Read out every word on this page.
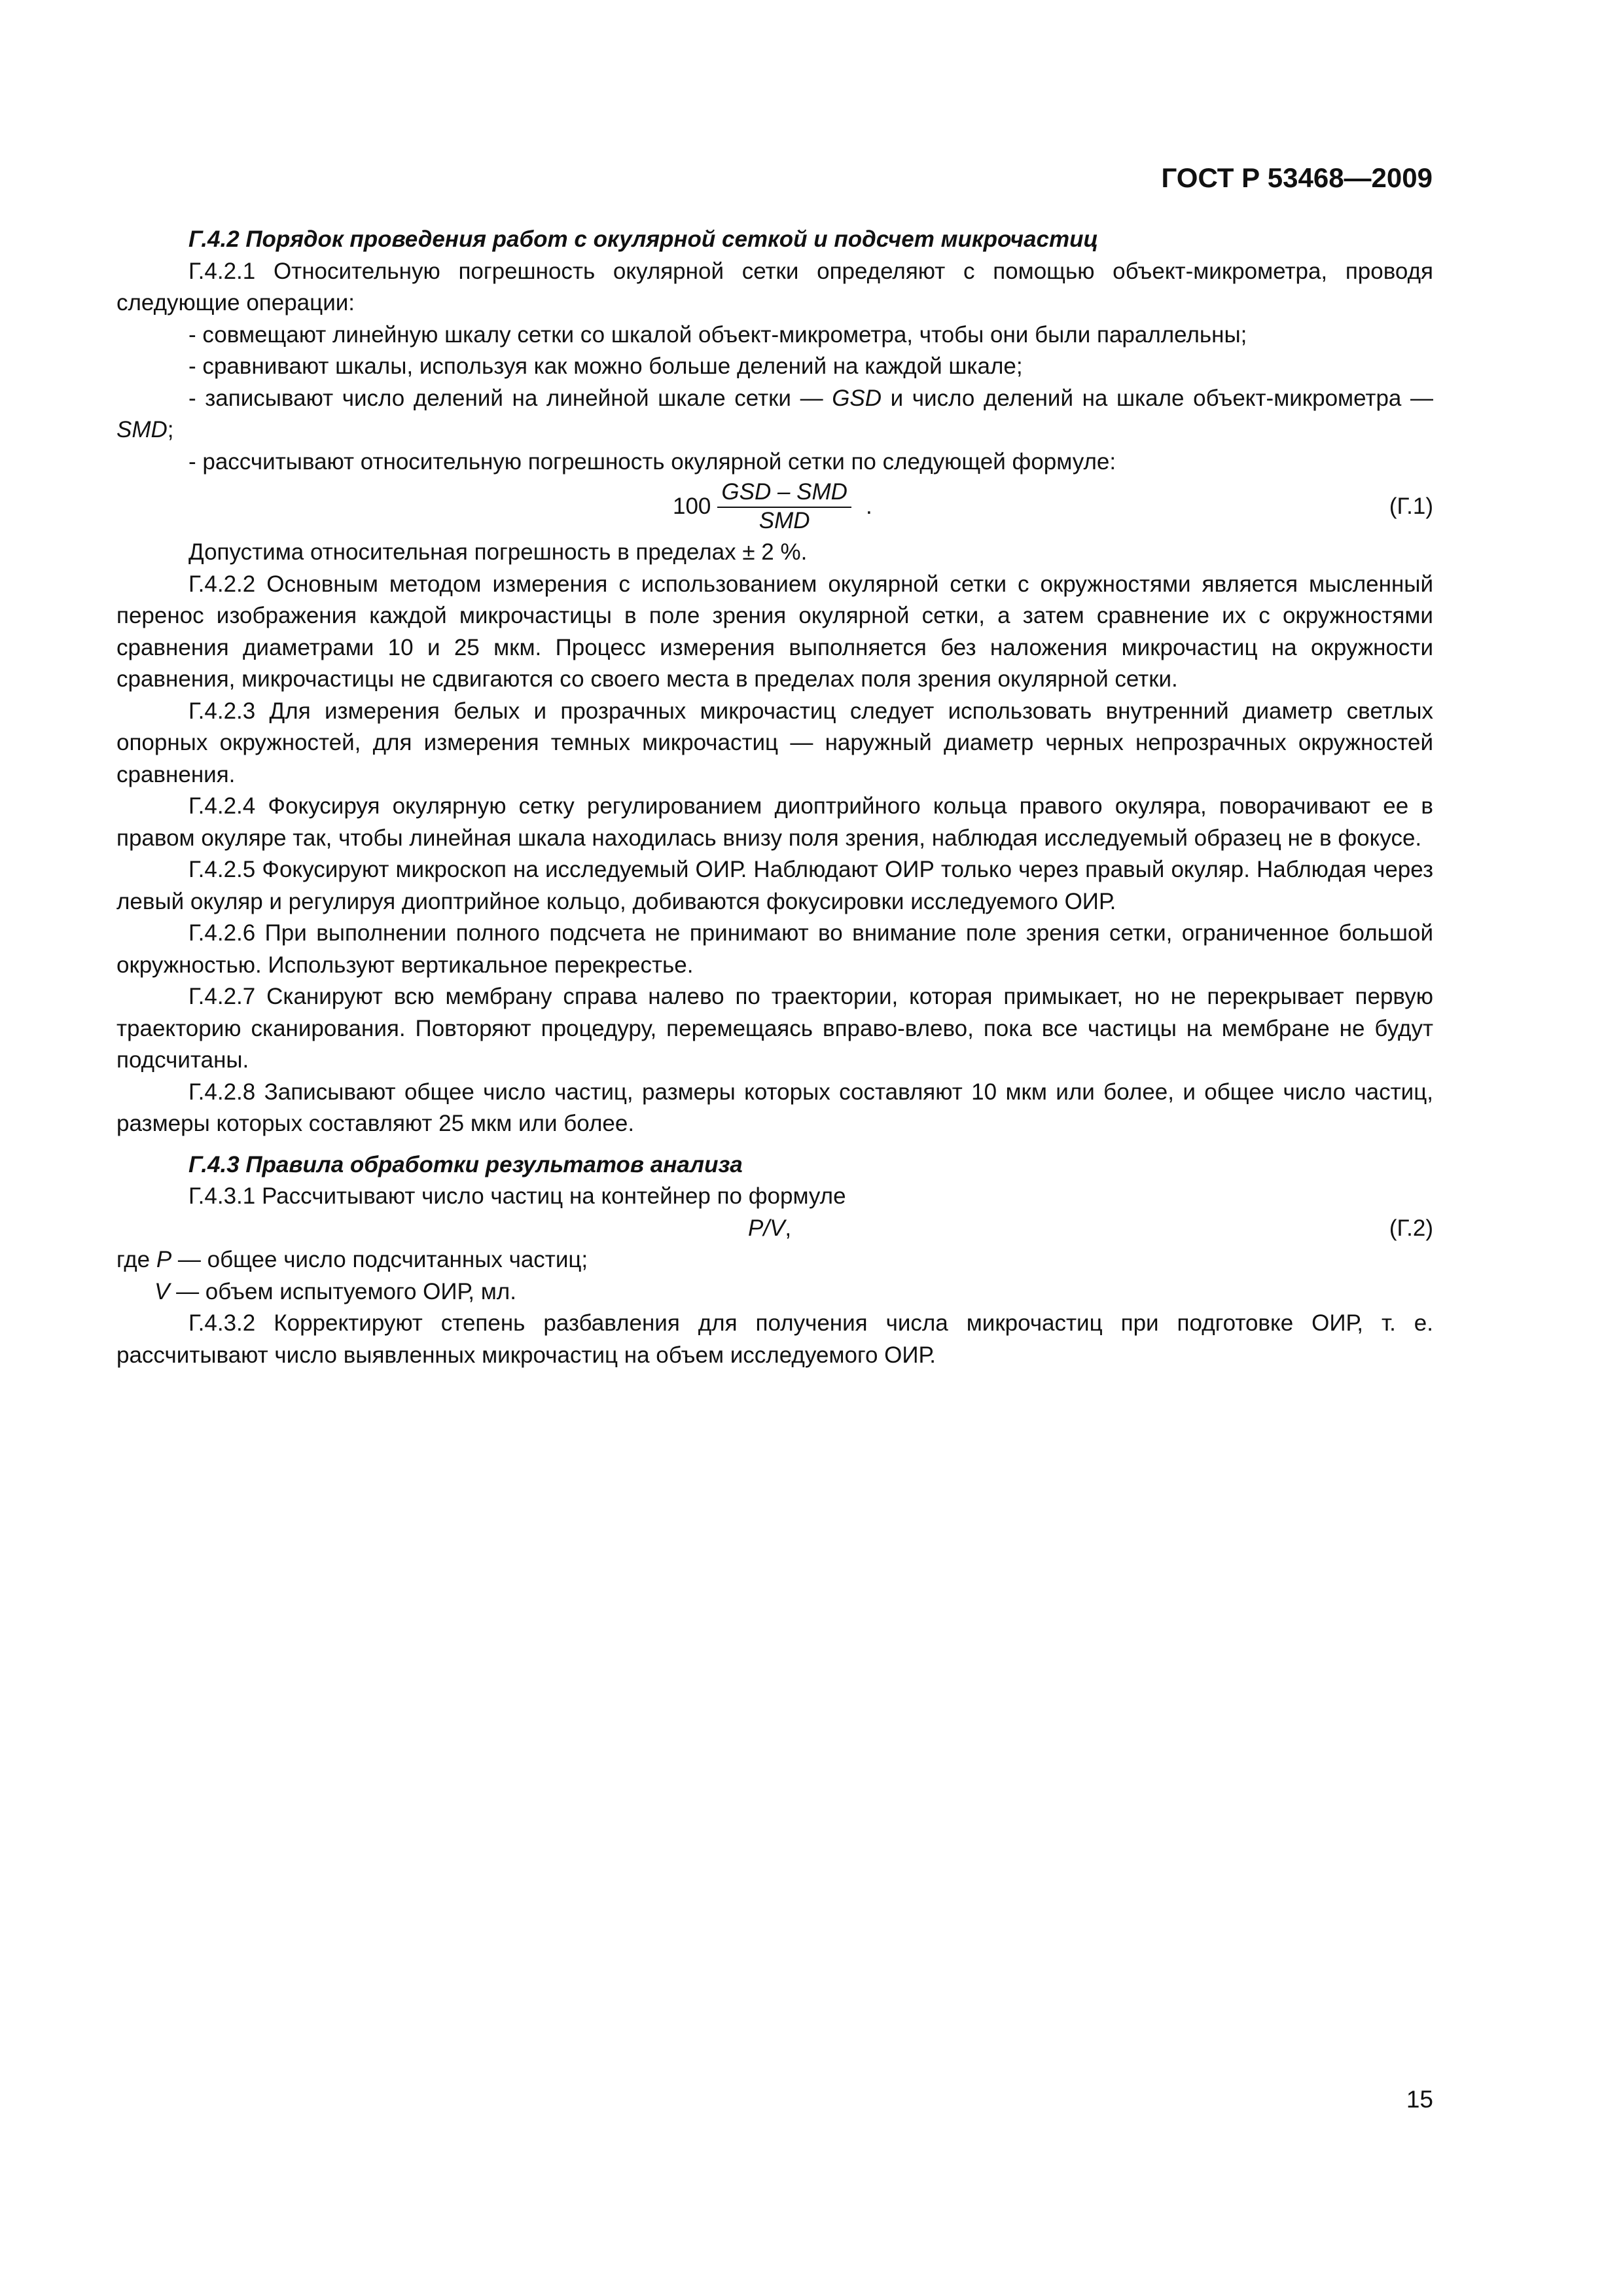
ГОСТ Р 53468—2009

Г.4.2 Порядок проведения работ с окулярной сеткой и подсчет микрочастиц

Г.4.2.1 Относительную погрешность окулярной сетки определяют с помощью объект-микрометра, проводя следующие операции:

- совмещают линейную шкалу сетки со шкалой объект-микрометра, чтобы они были параллельны;

- сравнивают шкалы, используя как можно больше делений на каждой шкале;

- записывают число делений на линейной шкале сетки — GSD и число делений на шкале объект-микрометра — SMD;

- рассчитывают относительную погрешность окулярной сетки по следующей формуле:

$100 \frac{\text{GSD – SMD}}{\text{SMD}}$ .	(Г.1)

Допустима относительная погрешность в пределах ± 2 %.

Г.4.2.2 Основным методом измерения с использованием окулярной сетки с окружностями является мысленный перенос изображения каждой микрочастицы в поле зрения окулярной сетки, а затем сравнение их с окружностями сравнения диаметрами 10 и 25 мкм. Процесс измерения выполняется без наложения микрочастиц на окружности сравнения, микрочастицы не сдвигаются со своего места в пределах поля зрения окулярной сетки.

Г.4.2.3 Для измерения белых и прозрачных микрочастиц следует использовать внутренний диаметр светлых опорных окружностей, для измерения темных микрочастиц — наружный диаметр черных непрозрачных окружностей сравнения.

Г.4.2.4 Фокусируя окулярную сетку регулированием диоптрийного кольца правого окуляра, поворачивают ее в правом окуляре так, чтобы линейная шкала находилась внизу поля зрения, наблюдая исследуемый образец не в фокусе.

Г.4.2.5 Фокусируют микроскоп на исследуемый ОИР. Наблюдают ОИР только через правый окуляр. Наблюдая через левый окуляр и регулируя диоптрийное кольцо, добиваются фокусировки исследуемого ОИР.

Г.4.2.6 При выполнении полного подсчета не принимают во внимание поле зрения сетки, ограниченное большой окружностью. Используют вертикальное перекрестье.

Г.4.2.7 Сканируют всю мембрану справа налево по траектории, которая примыкает, но не перекрывает первую траекторию сканирования. Повторяют процедуру, перемещаясь вправо-влево, пока все частицы на мембране не будут подсчитаны.

Г.4.2.8 Записывают общее число частиц, размеры которых составляют 10 мкм или более, и общее число частиц, размеры которых составляют 25 мкм или более.

Г.4.3 Правила обработки результатов анализа

Г.4.3.1 Рассчитывают число частиц на контейнер по формуле

P/V,	(Г.2)

где P — общее число подсчитанных частиц;

V — объем испытуемого ОИР, мл.

Г.4.3.2 Корректируют степень разбавления для получения числа микрочастиц при подготовке ОИР, т. е. рассчитывают число выявленных микрочастиц на объем исследуемого ОИР.

15
